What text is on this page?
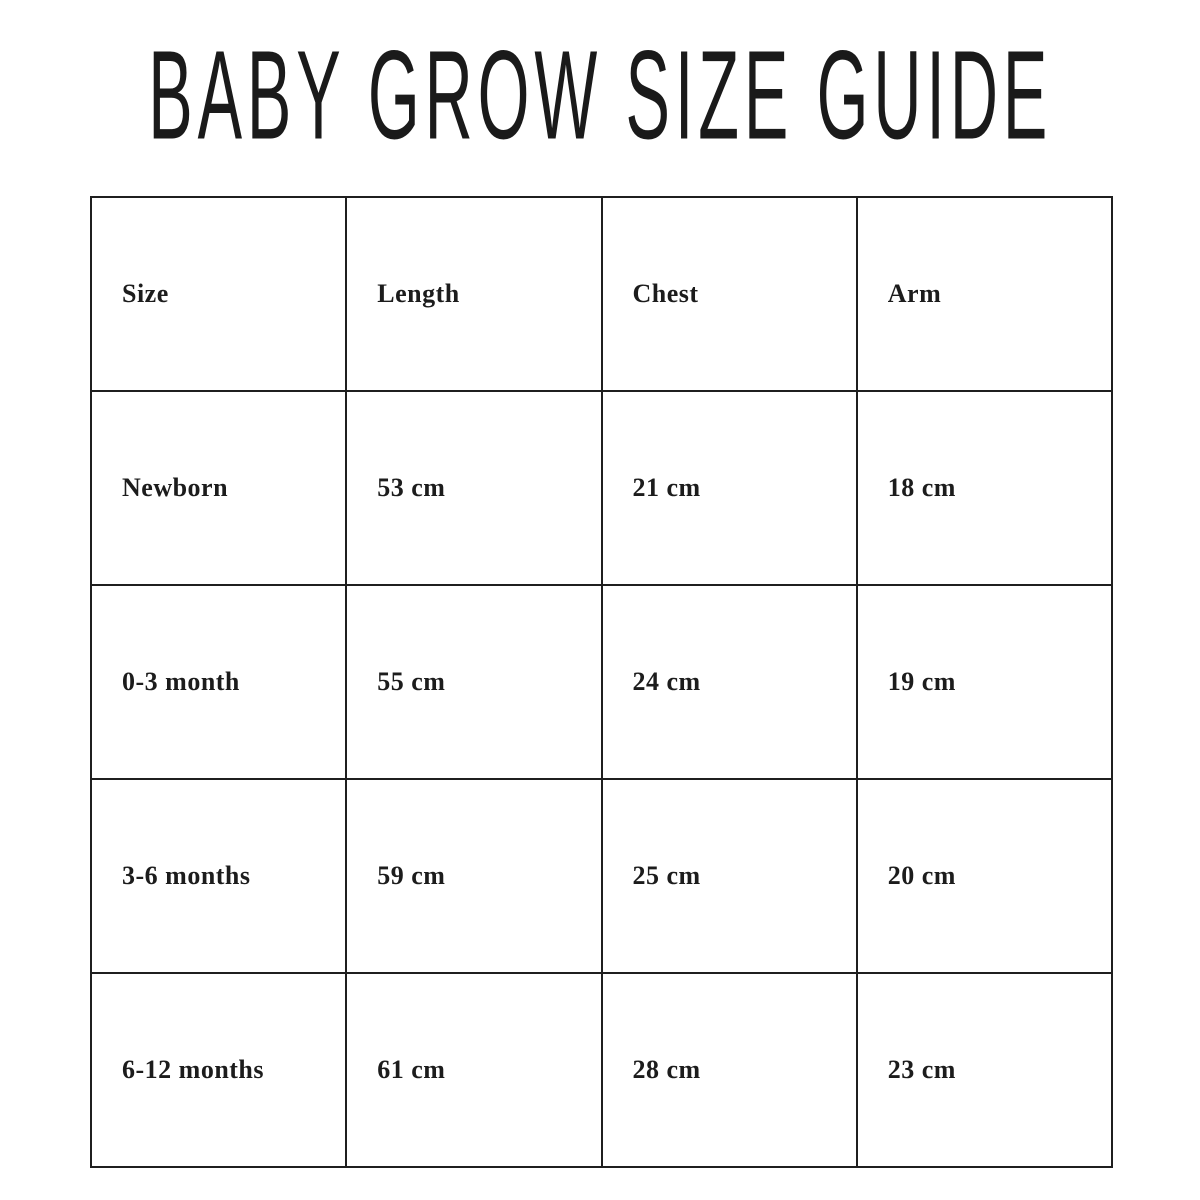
BABY GROW SIZE GUIDE
Size	Length	Chest	Arm
Newborn	53 cm	21 cm	18 cm
0-3 month	55 cm	24 cm	19 cm
3-6 months	59 cm	25 cm	20 cm
6-12 months	61 cm	28 cm	23 cm
